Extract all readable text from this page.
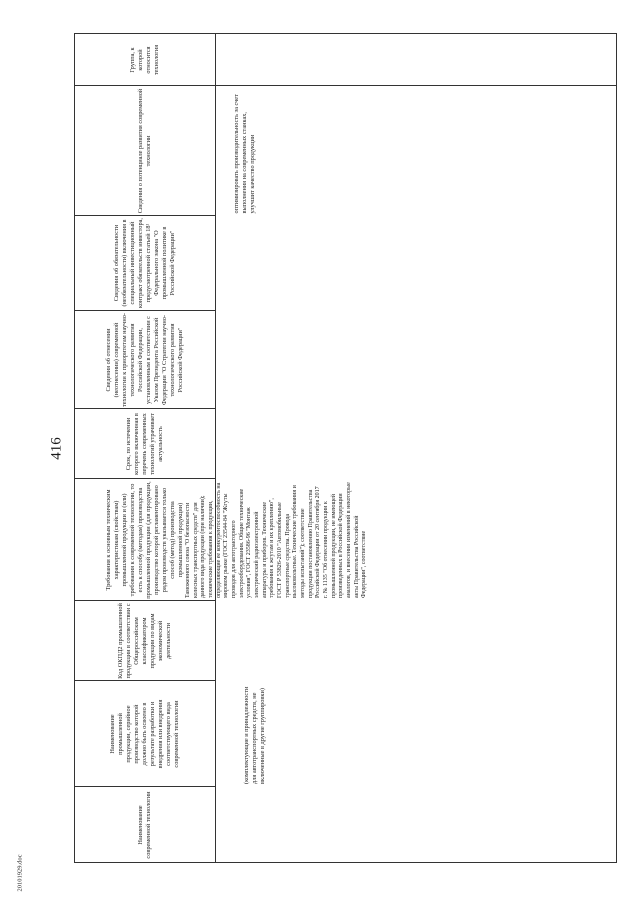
416
20101929.doc
Группа, к которой относится технология
Сведения о потенциале развития современной технологии
Сведения об обязательности (необязательности) включения в специальный инвестиционный контракт обязательств инвестора, предусмотренной статьей 18¹ Федерального закона "О промышленной политике в Российской Федерации"
Сведения об отнесении (неотнесении) современной технологии к приоритетам научно-технологического развития Российской Федерации, установленным в соответствии с Указом Президента Российской Федерации "О Стратегии научно-технологического развития Российской Федерации"
Срок, по истечении которого включенная в перечень современных технологий утрачивает актуальность
Требования к основным техническим характеристикам (свойствам) промышленной продукции и (или) требования к современной технологии, то есть к способу (методам) производства промышленной продукции (для продукции, производство которой регламентировано рядом производств указывается только способ (метод) производства промышленной продукции)
Код ОКПД2 промышленной продукции в соответствии с Общероссийским классификатором продукции по видам экономической деятельности
Наименование промышленной продукции, серийное производство которой должно быть освоено в результате разработки и внедрения или внедрения соответствующего вида современной технологии
Наименование современной технологии
(комплектующие и принадлежности для автотранспортных средств, не включенные в другие группировки)
Таможенного союза "О безопасности колесных транспортных средств" для данного вида продукции (при наличии); технические требования к продукции, определяющие ее конкурентоспособность на мировом рынке (ГОСТ 23544-84 "Жгуты проводов для автотракторного электрооборудования. Общие технические условия", ГОСТ 23586-96 "Монтаж электрический радиоэлектронной аппаратуры и приборов. Технические требования к жгутам и их креплению", ГОСТ Р 53826-2010 "Автомобильные транспортные средства. Провода высоковольтные. Технические требования и методы испытаний"); соответствие продукции постановлению Правительства Российской Федерации от 20 сентября 2017 г. № 1135 "Об отнесении продукции к промышленной продукции, не имеющей произведенных в Российской Федерации аналогов, и внесении изменений в некоторые акты Правительства Российской Федерации", соответствие
оптимизировать производительность за счет выполнения на современных станках, улучшит качество продукции
